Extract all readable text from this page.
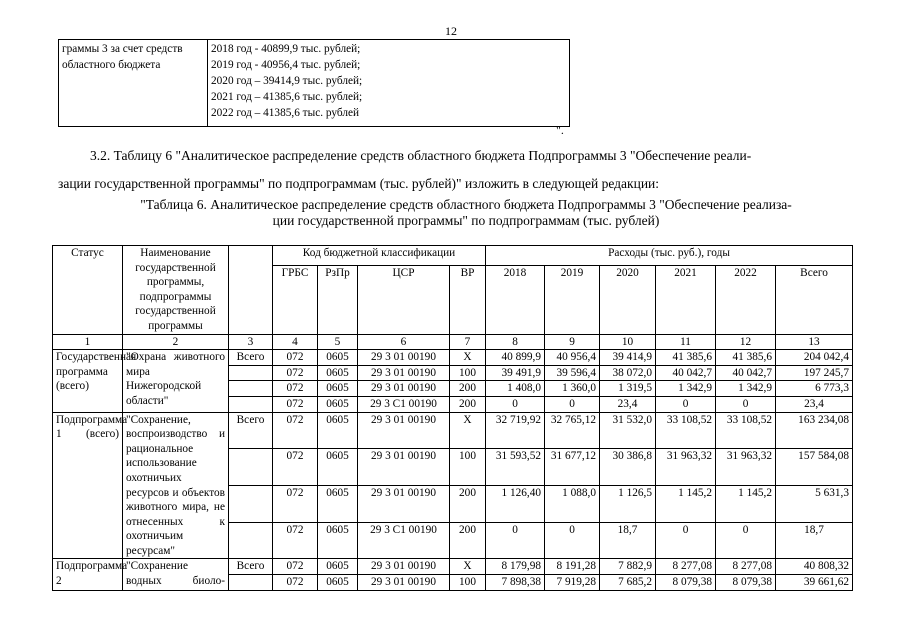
12
граммы 3 за счет средств
областного бюджета

2018 год - 40899,9 тыс. рублей;
2019 год - 40956,4 тыс. рублей;
2020 год – 39414,9 тыс. рублей;
2021 год – 41385,6 тыс. рублей;
2022 год – 41385,6 тыс. рублей
".
3.2. Таблицу 6 "Аналитическое распределение средств областного бюджета Подпрограммы 3 "Обеспечение реали-
зации государственной программы" по подпрограммам (тыс. рублей)" изложить в следующей редакции:
"Таблица 6. Аналитическое распределение средств областного бюджета Подпрограммы 3 "Обеспечение реализа-
ции государственной программы" по подпрограммам (тыс. рублей)
Статус	Наименование государственной программы, подпрограммы государственной программы		Код бюджетной классификации				Расходы (тыс. руб.), годы					
			ГРБС	РзПр	ЦСР	ВР	2018	2019	2020	2021	2022	Всего
1	2	3	4	5	6	7	8	9	10	11	12	13
Государственная программа (всего)	"Охрана животного мира Нижегородской области"	Всего	072	0605	29 3 01 00190	Х	40 899,9	40 956,4	39 414,9	41 385,6	41 385,6	204 042,4
			072	0605	29 3 01 00190	100	39 491,9	39 596,4	38 072,0	40 042,7	40 042,7	197 245,7
			072	0605	29 3 01 00190	200	1 408,0	1 360,0	1 319,5	1 342,9	1 342,9	6 773,3
			072	0605	29 3 С1 00190	200	0	0	23,4	0	0	23,4
Подпрограмма 1 (всего)	"Сохранение, воспроизводство и рациональное использование охотничьих ресурсов и объектов животного мира, не отнесенных к охотничьим ресурсам"	Всего	072	0605	29 3 01 00190	Х	32 719,92	32 765,12	31 532,0	33 108,52	33 108,52	163 234,08
			072	0605	29 3 01 00190	100	31 593,52	31 677,12	30 386,8	31 963,32	31 963,32	157 584,08
			072	0605	29 3 01 00190	200	1 126,40	1 088,0	1 126,5	1 145,2	1 145,2	5 631,3
			072	0605	29 3 С1 00190	200	0	0	18,7	0	0	18,7
Подпрограмма 2	"Сохранение водных биоло-	Всего	072	0605	29 3 01 00190	Х	8 179,98	8 191,28	7 882,9	8 277,08	8 277,08	40 808,32
			072	0605	29 3 01 00190	100	7 898,38	7 919,28	7 685,2	8 079,38	8 079,38	39 661,62
